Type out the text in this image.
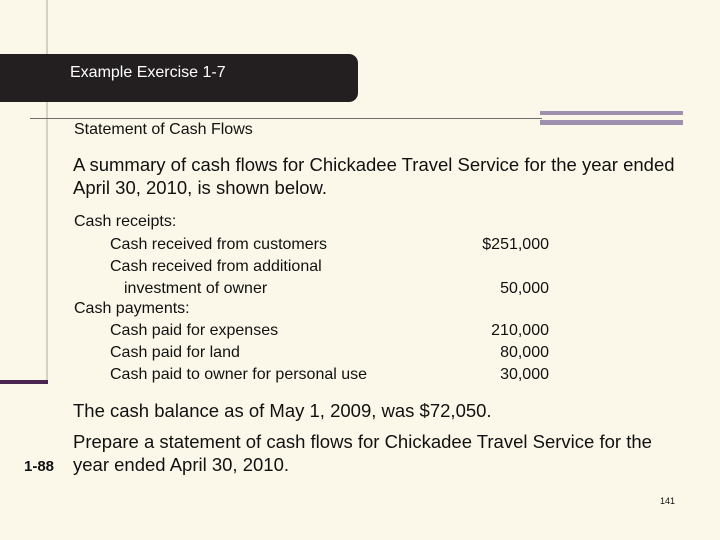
Example Exercise 1-7
Statement of Cash Flows
A summary of cash flows for Chickadee Travel Service for the year ended April 30, 2010, is shown below.
Cash receipts:
Cash received from customers	$251,000
Cash received from additional
investment of owner	50,000
Cash payments:
Cash paid for expenses	210,000
Cash paid for land	80,000
Cash paid to owner for personal use	30,000
The cash balance as of May 1, 2009, was $72,050.
Prepare a statement of cash flows for Chickadee Travel Service for the year ended April 30, 2010.
1-88
141
